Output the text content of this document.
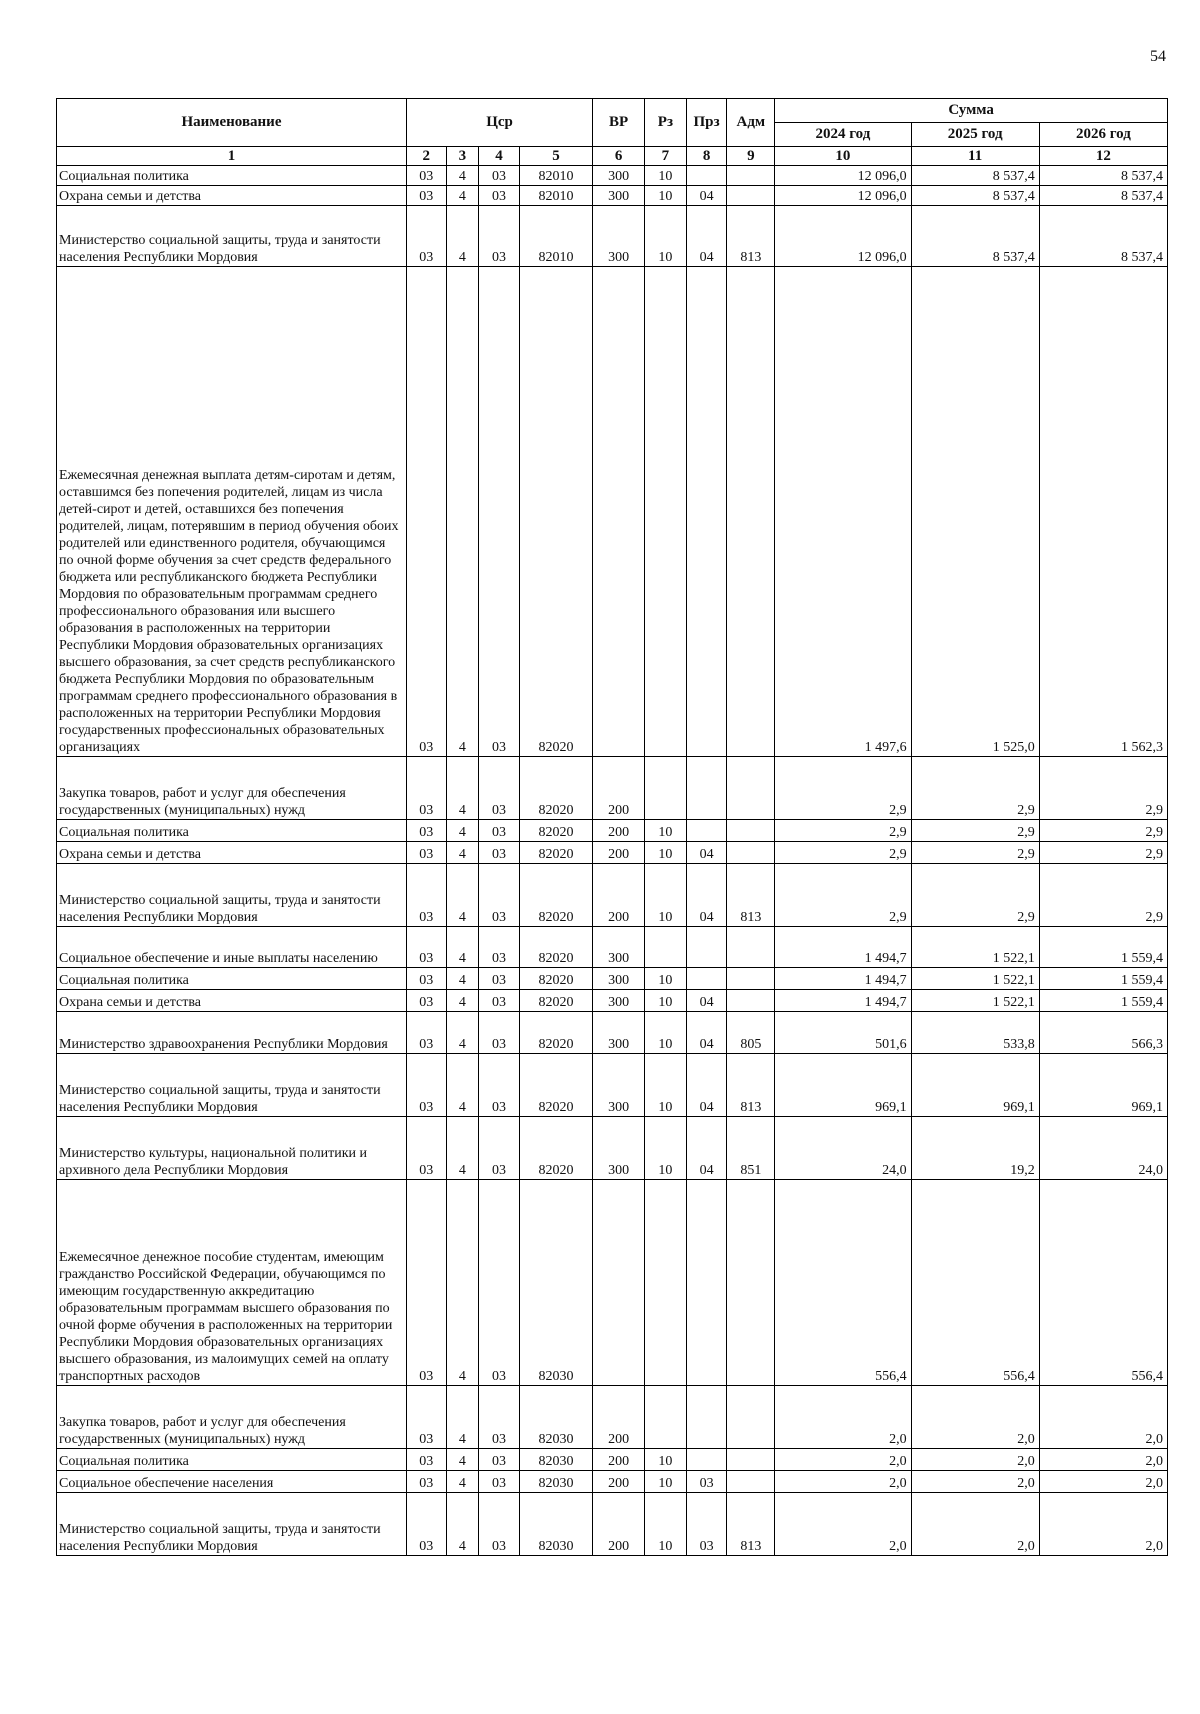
54
Наименование	Цср				ВР	Рз	Прз	Адм	Сумма		
									2024 год	2025 год	2026 год
1	2	3	4	5	6	7	8	9	10	11	12
Социальная политика	03	4	03	82010	300	10			12 096,0	8 537,4	8 537,4
Охрана семьи и детства	03	4	03	82010	300	10	04		12 096,0	8 537,4	8 537,4
Министерство социальной защиты, труда и занятости населения Республики Мордовия	03	4	03	82010	300	10	04	813	12 096,0	8 537,4	8 537,4
Ежемесячная денежная выплата детям-сиротам и детям, оставшимся без попечения родителей, лицам из числа детей-сирот и детей, оставшихся без попечения родителей, лицам, потерявшим в период обучения обоих родителей или единственного родителя, обучающимся по очной форме обучения за счет средств федерального бюджета или республиканского бюджета Республики Мордовия по образовательным программам среднего профессионального образования или высшего образования в расположенных на территории Республики Мордовия образовательных организациях высшего образования, за счет средств республиканского бюджета Республики Мордовия по образовательным программам среднего профессионального образования в расположенных на территории Республики Мордовия государственных профессиональных образовательных организациях	03	4	03	82020					1 497,6	1 525,0	1 562,3
Закупка товаров, работ и услуг для обеспечения государственных (муниципальных) нужд	03	4	03	82020	200				2,9	2,9	2,9
Социальная политика	03	4	03	82020	200	10			2,9	2,9	2,9
Охрана семьи и детства	03	4	03	82020	200	10	04		2,9	2,9	2,9
Министерство социальной защиты, труда и занятости населения Республики Мордовия	03	4	03	82020	200	10	04	813	2,9	2,9	2,9
Социальное обеспечение и иные выплаты населению	03	4	03	82020	300				1 494,7	1 522,1	1 559,4
Социальная политика	03	4	03	82020	300	10			1 494,7	1 522,1	1 559,4
Охрана семьи и детства	03	4	03	82020	300	10	04		1 494,7	1 522,1	1 559,4
Министерство здравоохранения Республики Мордовия	03	4	03	82020	300	10	04	805	501,6	533,8	566,3
Министерство социальной защиты, труда и занятости населения Республики Мордовия	03	4	03	82020	300	10	04	813	969,1	969,1	969,1
Министерство культуры, национальной политики и архивного дела Республики Мордовия	03	4	03	82020	300	10	04	851	24,0	19,2	24,0
Ежемесячное денежное пособие студентам, имеющим гражданство Российской Федерации, обучающимся по имеющим государственную аккредитацию образовательным программам высшего образования по очной форме обучения в расположенных на территории Республики Мордовия образовательных организациях высшего образования, из малоимущих семей на оплату транспортных расходов	03	4	03	82030					556,4	556,4	556,4
Закупка товаров, работ и услуг для обеспечения государственных (муниципальных) нужд	03	4	03	82030	200				2,0	2,0	2,0
Социальная политика	03	4	03	82030	200	10			2,0	2,0	2,0
Социальное обеспечение населения	03	4	03	82030	200	10	03		2,0	2,0	2,0
Министерство социальной защиты, труда и занятости населения Республики Мордовия	03	4	03	82030	200	10	03	813	2,0	2,0	2,0
